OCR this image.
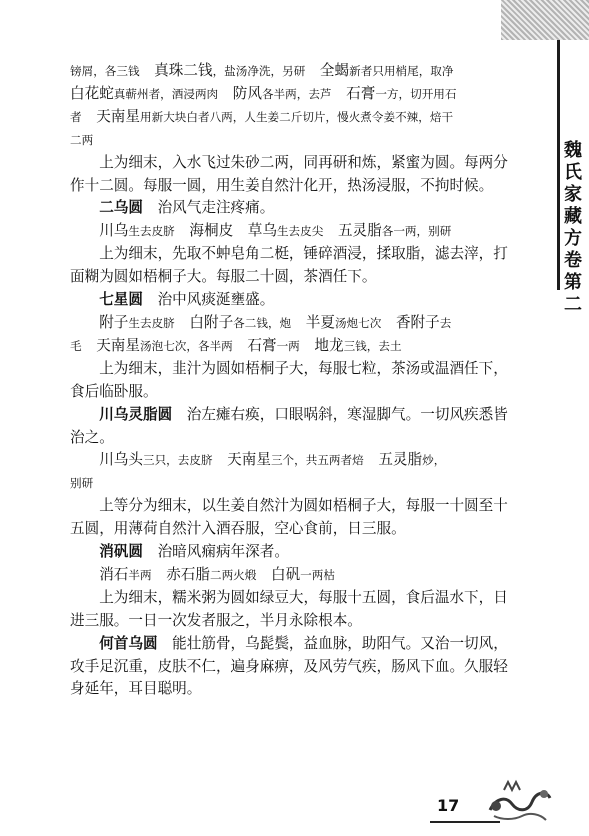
魏氏家藏方卷第二

镑屑，各三钱　真珠二钱，盐汤净洗，另研　全蝎新者只用梢尾，取净

白花蛇真蕲州者，酒浸两肉　防风各半两，去芦　石膏一方，切开用石

者　天南星用新大块白者八两，人生姜二斤切片，慢火煮令姜不辣，焙干

二两

上为细末，入水飞过朱砂二两，同再研和炼，紧蜜为圆。每两分作十二圆。每服一圆，用生姜自然汁化开，热汤浸服，不拘时候。

二乌圆　治风气走注疼痛。

川乌生去皮脐　海桐皮　草乌生去皮尖　五灵脂各一两，别研

上为细末，先取不蚛皂角二梃，锤碎酒浸，揉取脂，滤去滓，打面糊为圆如梧桐子大。每服二十圆，茶酒任下。

七星圆　治中风痰涎壅盛。

附子生去皮脐　白附子各二钱，炮　半夏汤炮七次　香附子去

毛　天南星汤泡七次，各半两　石膏一两　地龙三钱，去土

上为细末，韭汁为圆如梧桐子大，每服七粒，茶汤或温酒任下，食后临卧服。

川乌灵脂圆　治左瘫右痪，口眼㖞斜，寒湿脚气。一切风疾悉皆治之。

川乌头三只，去皮脐　天南星三个，共五两者焙　五灵脂炒，

别研

上等分为细末，以生姜自然汁为圆如梧桐子大，每服一十圆至十五圆，用薄荷自然汁入酒吞服，空心食前，日三服。

消矾圆　治暗风痫病年深者。

消石半两　赤石脂二两火煅　白矾一两枯

上为细末，糯米粥为圆如绿豆大，每服十五圆，食后温水下，日进三服。一日一次发者服之，半月永除根本。

何首乌圆　能壮筋骨，乌髭鬓，益血脉，助阳气。又治一切风，攻手足沉重，皮肤不仁，遍身麻痹，及风劳气疾，肠风下血。久服轻身延年，耳目聪明。

17
